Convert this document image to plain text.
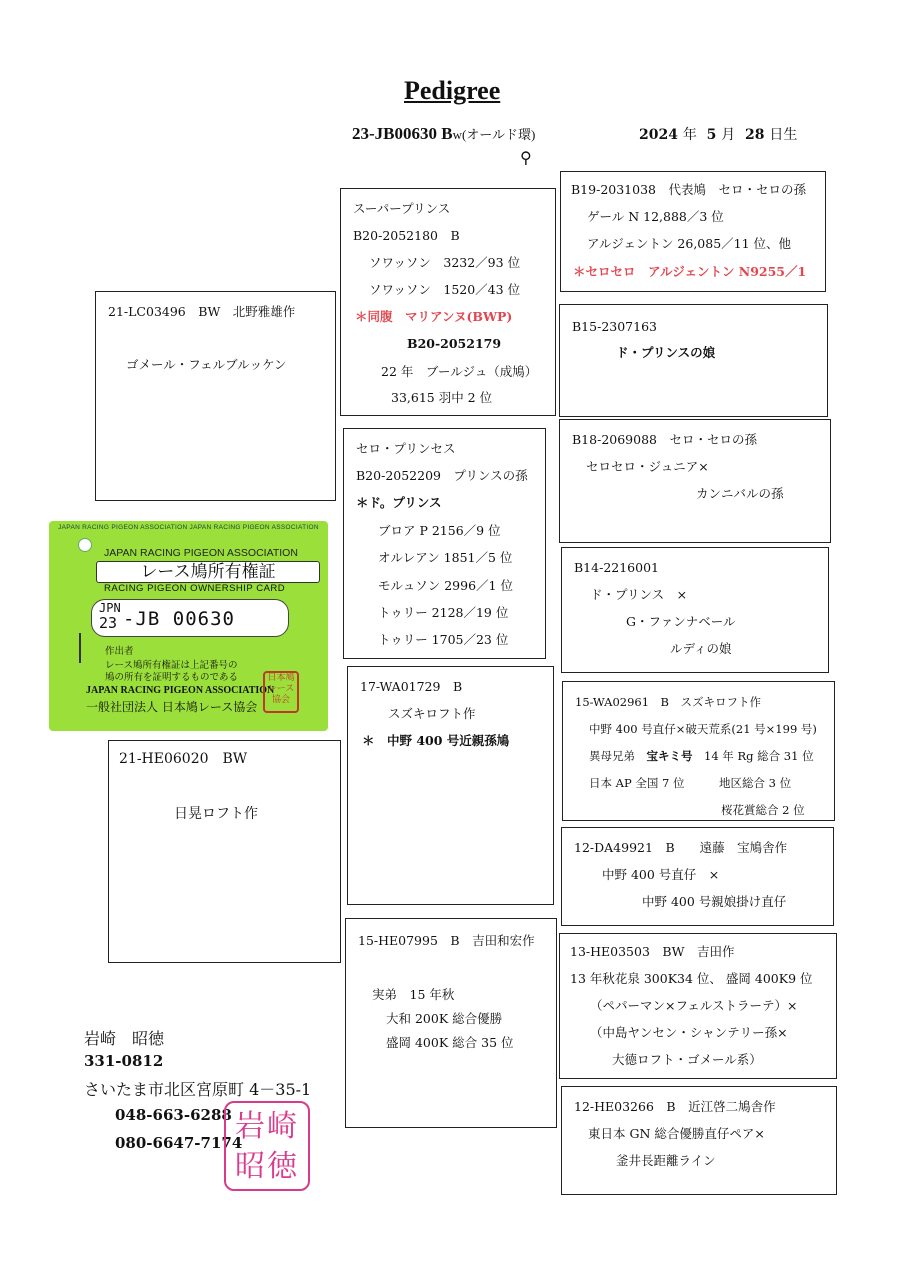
Pedigree
23-JB00630 Bw(オールド環)
⚲
2024 年 5 月 28 日生
21-LC03496　BW　北野雅雄作
ゴメール・フェルブルッケン
21-HE06020　BW
日晃ロフト作
スーパープリンス
B20-2052180　B
ソワッソン　3232／93 位
ソワッソン　1520／43 位
＊同腹　マリアンヌ(BWP)
B20-2052179
22 年　ブールジュ（成鳩）
33,615 羽中 2 位
セロ・プリンセス
B20-2052209　プリンスの孫
＊ド。プリンス
ブロア P 2156／9 位
オルレアン 1851／5 位
モルュソン 2996／1 位
トゥリー 2128／19 位
トゥリー 1705／23 位
17-WA01729　B
スズキロフト作
＊　中野 400 号近親孫鳩
15-HE07995　B　吉田和宏作
実弟　15 年秋
大和 200K 総合優勝
盛岡 400K 総合 35 位
B19-2031038　代表鳩　セロ・セロの孫
ゲール N 12,888／3 位
アルジェントン 26,085／11 位、他
＊セロセロ　アルジェントン N9255／1
B15-2307163
ド・プリンスの娘
B18-2069088　セロ・セロの孫
セロセロ・ジュニア×
カンニバルの孫
B14-2216001
ド・プリンス　×
G・ファンナベール
ルディの娘
15-WA02961　B　スズキロフト作
中野 400 号直仔×破天荒系(21 号×199 号)
異母兄弟　 宝キミ号　 14 年 Rg 総合 31 位
日本 AP 全国 7 位　　　地区総合 3 位
桜花賞総合 2 位
12-DA49921　B　　遠藤　宝鳩舎作
中野 400 号直仔　×
中野 400 号親娘掛け直仔
13-HE03503　BW　吉田作
13 年秋花泉 300K34 位、 盛岡 400K9 位
（ペパーマン×フェルストラーテ）×
（中島ヤンセン・シャンテリー孫×
大德ロフト・ゴメール系）
12-HE03266　B　近江啓二鳩舎作
東日本 GN 総合優勝直仔ペア×
釜井長距離ライン
JAPAN RACING PIGEON ASSOCIATION JAPAN RACING PIGEON ASSOCIATION
JAPAN RACING PIGEON ASSOCIATION
レース鳩所有権証
RACING PIGEON OWNERSHIP CARD
JPN
23 -JB 00630
作出者
レース鳩所有権証は上記番号の
鳩の所有を証明するものである
JAPAN RACING PIGEON ASSOCIATION
一般社団法人 日本鳩レース協会
日本鳩レース協会
岩崎　昭徳
331-0812
さいたま市北区宮原町 4－35-1
048-663-6288
080-6647-7174
岩崎昭徳
